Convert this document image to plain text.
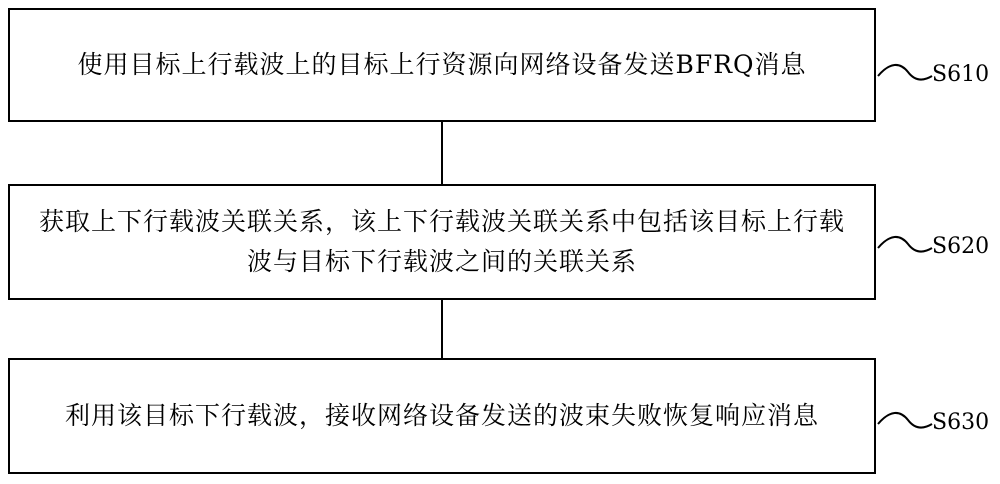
使用目标上行载波上的目标上行资源向网络设备发送BFRQ消息
获取上下行载波关联关系，该上下行载波关联关系中包括该目标上行载波与目标下行载波之间的关联关系
利用该目标下行载波，接收网络设备发送的波束失败恢复响应消息
S610
S620
S630
